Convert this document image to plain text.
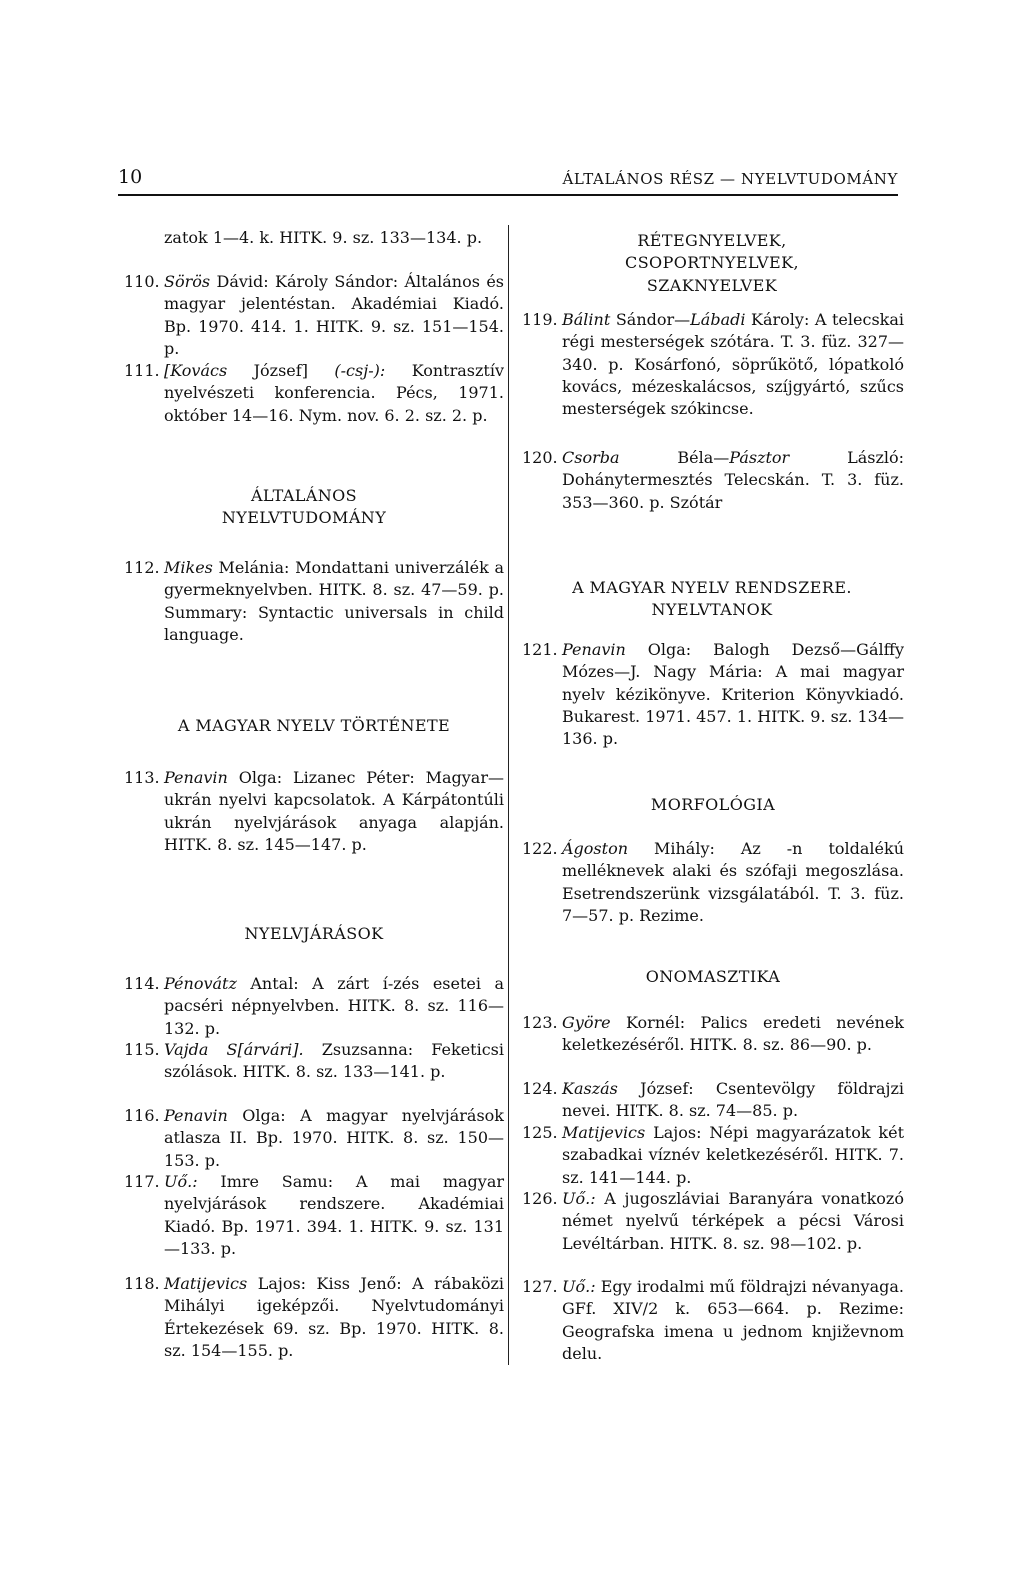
10	ÁLTALÁNOS RÉSZ — NYELVTUDOMÁNY
zatok 1—4. k. HITK. 9. sz. 133—134. p.
110. Sörös Dávid: Károly Sándor: Általános és magyar jelentéstan. Akadémiai Kiadó. Bp. 1970. 414. 1. HITK. 9. sz. 151—154. p.
111. [Kovács József] (-csj-): Kontrasztív nyelvészeti konferencia. Pécs, 1971. október 14—16. Nym. nov. 6. 2. sz. 2. p.
ÁLTALÁNOS NYELVTUDOMÁNY
112. Mikes Melánia: Mondattani univerzálék a gyermeknyelvben. HITK. 8. sz. 47—59. p. Summary: Syntactic universals in child language.
A MAGYAR NYELV TÖRTÉNETE
113. Penavin Olga: Lizanec Péter: Magyar—ukrán nyelvi kapcsolatok. A Kárpátontúli ukrán nyelvjárások anyaga alapján. HITK. 8. sz. 145—147. p.
NYELVJÁRÁSOK
114. Pénovátz Antal: A zárt í-zés esetei a pacséri népnyelvben. HITK. 8. sz. 116—132. p.
115. Vajda S[árvári]. Zsuzsanna: Feketicsi szólások. HITK. 8. sz. 133—141. p.
116. Penavin Olga: A magyar nyelvjárások atlasza II. Bp. 1970. HITK. 8. sz. 150—153. p.
117. Uő.: Imre Samu: A mai magyar nyelvjárások rendszere. Akadémiai Kiadó. Bp. 1971. 394. 1. HITK. 9. sz. 131—133. p.
118. Matijevics Lajos: Kiss Jenő: A rábaközi Mihályi igeképzői. Nyelvtudományi Értekezések 69. sz. Bp. 1970. HITK. 8. sz. 154—155. p.
RÉTEGNYELVEK, CSOPORTNYELVEK, SZAKNYELVEK
119. Bálint Sándor—Lábadi Károly: A telecskai régi mesterségek szótára. T. 3. füz. 327—340. p. Kosárfonó, söprűkötő, lópatkoló kovács, mézeskalácsos, szíjgyártó, szűcs mesterségek szókincse.
120. Csorba Béla—Pásztor László: Dohánytermesztés Telecskán. T. 3. füz. 353—360. p. Szótár
A MAGYAR NYELV RENDSZERE. NYELVTANOK
121. Penavin Olga: Balogh Dezső—Gálffy Mózes—J. Nagy Mária: A mai magyar nyelv kézikönyve. Kriterion Könyvkiadó. Bukarest. 1971. 457. 1. HITK. 9. sz. 134—136. p.
MORFOLÓGIA
122. Ágoston Mihály: Az -n toldalékú melléknevek alaki és szófaji megoszlása. Esetrendszerünk vizsgálatából. T. 3. füz. 7—57. p. Rezime.
ONOMASZTIKA
123. Györe Kornél: Palics eredeti nevének keletkezéséről. HITK. 8. sz. 86—90. p.
124. Kaszás József: Csentevölgy földrajzi nevei. HITK. 8. sz. 74—85. p.
125. Matijevics Lajos: Népi magyarázatok két szabadkai víznév keletkezéséről. HITK. 7. sz. 141—144. p.
126. Uő.: A jugoszláviai Baranyára vonatkozó német nyelvű térképek a pécsi Városi Levéltárban. HITK. 8. sz. 98—102. p.
127. Uő.: Egy irodalmi mű földrajzi névanyaga. GFf. XIV/2 k. 653—664. p. Rezime: Geografska imena u jednom književnom delu.
